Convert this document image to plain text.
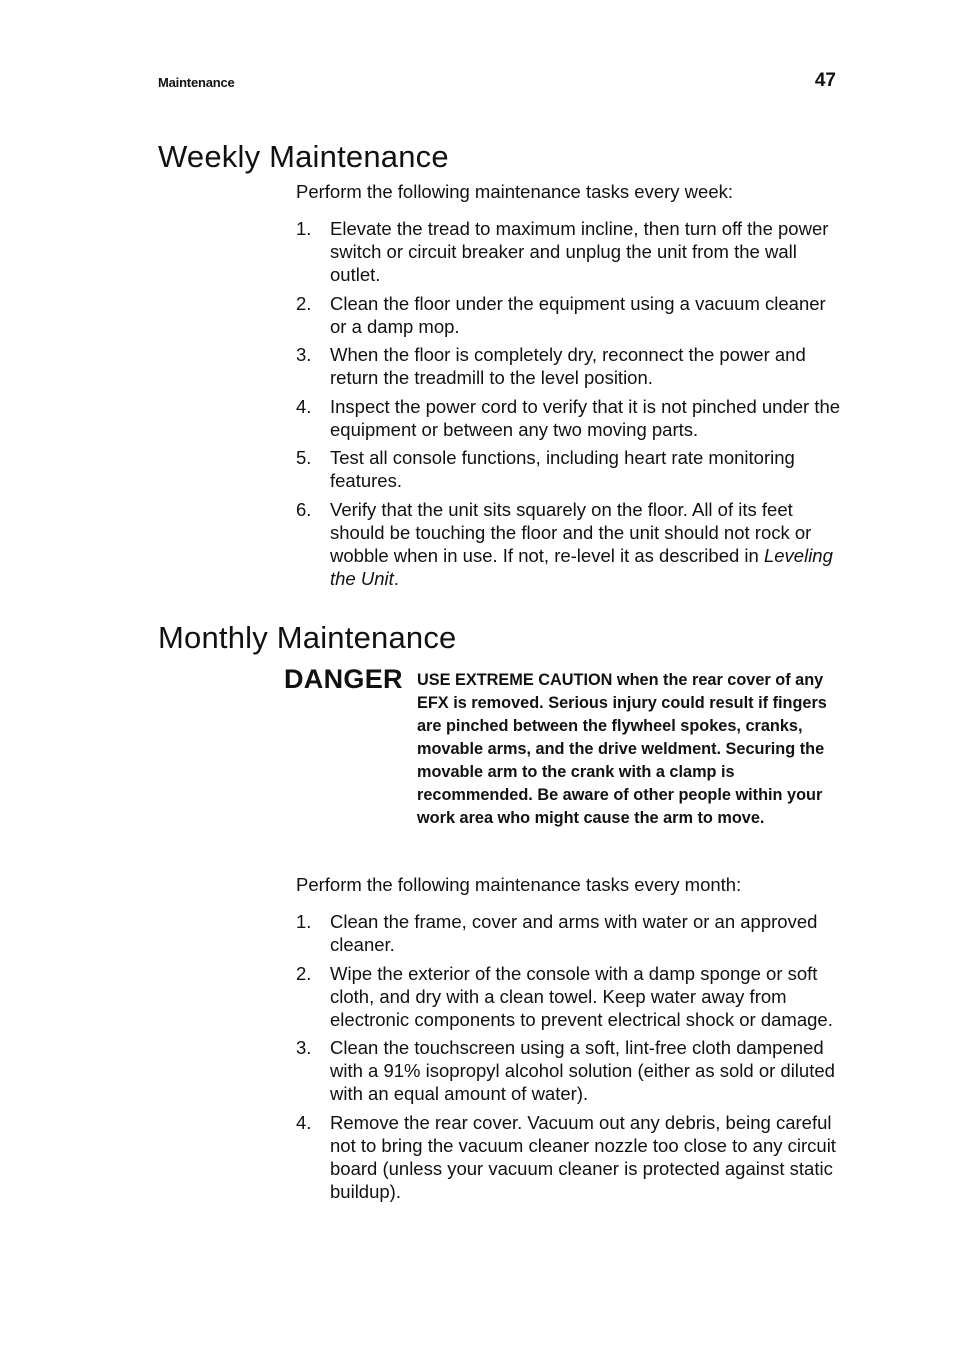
Maintenance	47
Weekly Maintenance

Perform the following maintenance tasks every week:

1.	Elevate the tread to maximum incline, then turn off the power switch or circuit breaker and unplug the unit from the wall outlet.
2.	Clean the floor under the equipment using a vacuum cleaner or a damp mop.
3.	When the floor is completely dry, reconnect the power and return the treadmill to the level position.
4.	Inspect the power cord to verify that it is not pinched under the equipment or between any two moving parts.
5.	Test all console functions, including heart rate monitoring features.
6.	Verify that the unit sits squarely on the floor. All of its feet should be touching the floor and the unit should not rock or wobble when in use. If not, re-level it as described in Leveling the Unit.
Monthly Maintenance
DANGER USE EXTREME CAUTION when the rear cover of any EFX is removed. Serious injury could result if fingers are pinched between the flywheel spokes, cranks, movable arms, and the drive weldment. Securing the movable arm to the crank with a clamp is recommended. Be aware of other people within your work area who might cause the arm to move.

Perform the following maintenance tasks every month:

1.	Clean the frame, cover and arms with water or an approved cleaner.
2.	Wipe the exterior of the console with a damp sponge or soft cloth, and dry with a clean towel. Keep water away from electronic components to prevent electrical shock or damage.
3.	Clean the touchscreen using a soft, lint-free cloth dampened with a 91% isopropyl alcohol solution (either as sold or diluted with an equal amount of water).
4.	Remove the rear cover. Vacuum out any debris, being careful not to bring the vacuum cleaner nozzle too close to any circuit board (unless your vacuum cleaner is protected against static buildup).
